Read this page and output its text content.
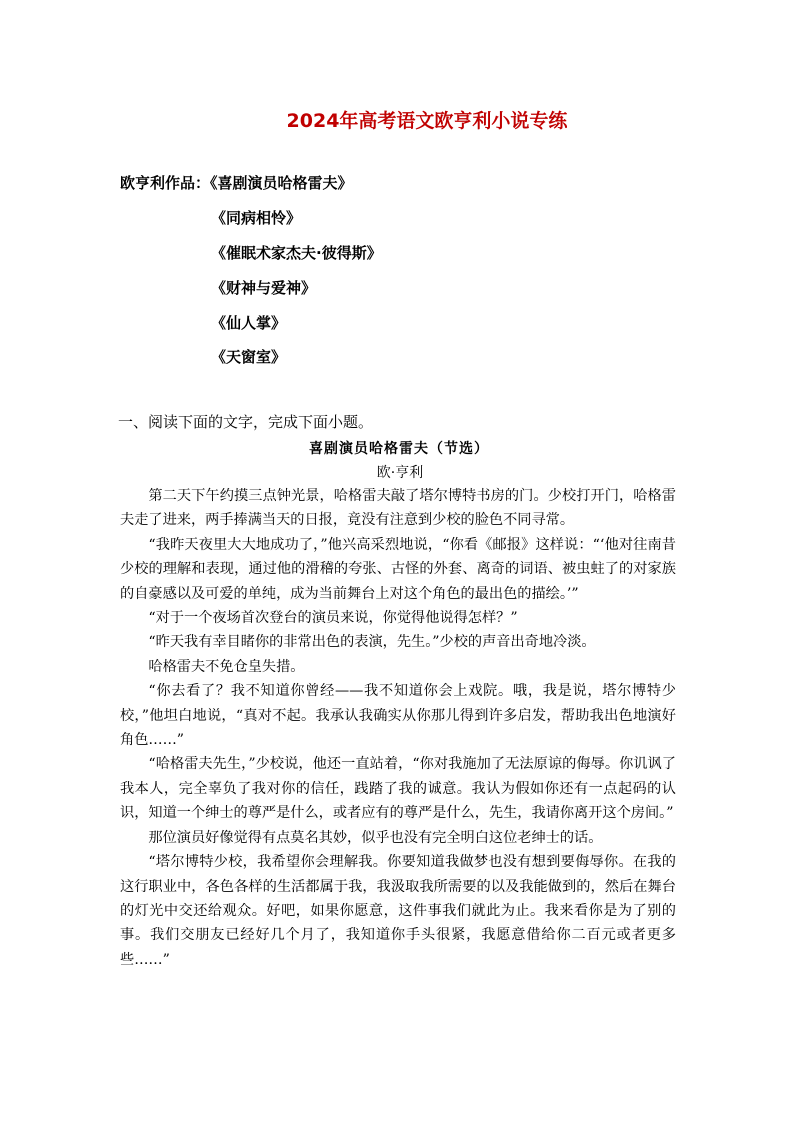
2024年高考语文欧亨利小说专练
欧亨利作品：《喜剧演员哈格雷夫》
《同病相怜》
《催眠术家杰夫·彼得斯》
《财神与爱神》
《仙人掌》
《天窗室》
一、阅读下面的文字，完成下面小题。
喜剧演员哈格雷夫（节选）
欧·亨利

第二天下午约摸三点钟光景，哈格雷夫敲了塔尔博特书房的门。少校打开门，哈格雷夫走了进来，两手捧满当天的日报，竟没有注意到少校的脸色不同寻常。

“我昨天夜里大大地成功了，”他兴高采烈地说，“你看《邮报》这样说：“‘他对往南昔少校的理解和表现，通过他的滑稽的夸张、古怪的外套、离奇的词语、被虫蛀了的对家族的自豪感以及可爱的单纯，成为当前舞台上对这个角色的最出色的描绘。’”

“对于一个夜场首次登台的演员来说，你觉得他说得怎样？”

“昨天我有幸目睹你的非常出色的表演，先生。”少校的声音出奇地冷淡。

哈格雷夫不免仓皇失措。

“你去看了？我不知道你曾经——我不知道你会上戏院。哦，我是说，塔尔博特少校，”他坦白地说，“真对不起。我承认我确实从你那儿得到许多启发，帮助我出色地演好角色……”

“哈格雷夫先生，”少校说，他还一直站着，“你对我施加了无法原谅的侮辱。你讥讽了我本人，完全辜负了我对你的信任，践踏了我的诚意。我认为假如你还有一点起码的认识，知道一个绅士的尊严是什么，或者应有的尊严是什么，先生，我请你离开这个房间。”

那位演员好像觉得有点莫名其妙，似乎也没有完全明白这位老绅士的话。

“塔尔博特少校，我希望你会理解我。你要知道我做梦也没有想到要侮辱你。在我的这行职业中，各色各样的生活都属于我，我汲取我所需要的以及我能做到的，然后在舞台的灯光中交还给观众。好吧，如果你愿意，这件事我们就此为止。我来看你是为了别的事。我们交朋友已经好几个月了，我知道你手头很紧，我愿意借给你二百元或者更多些……”
